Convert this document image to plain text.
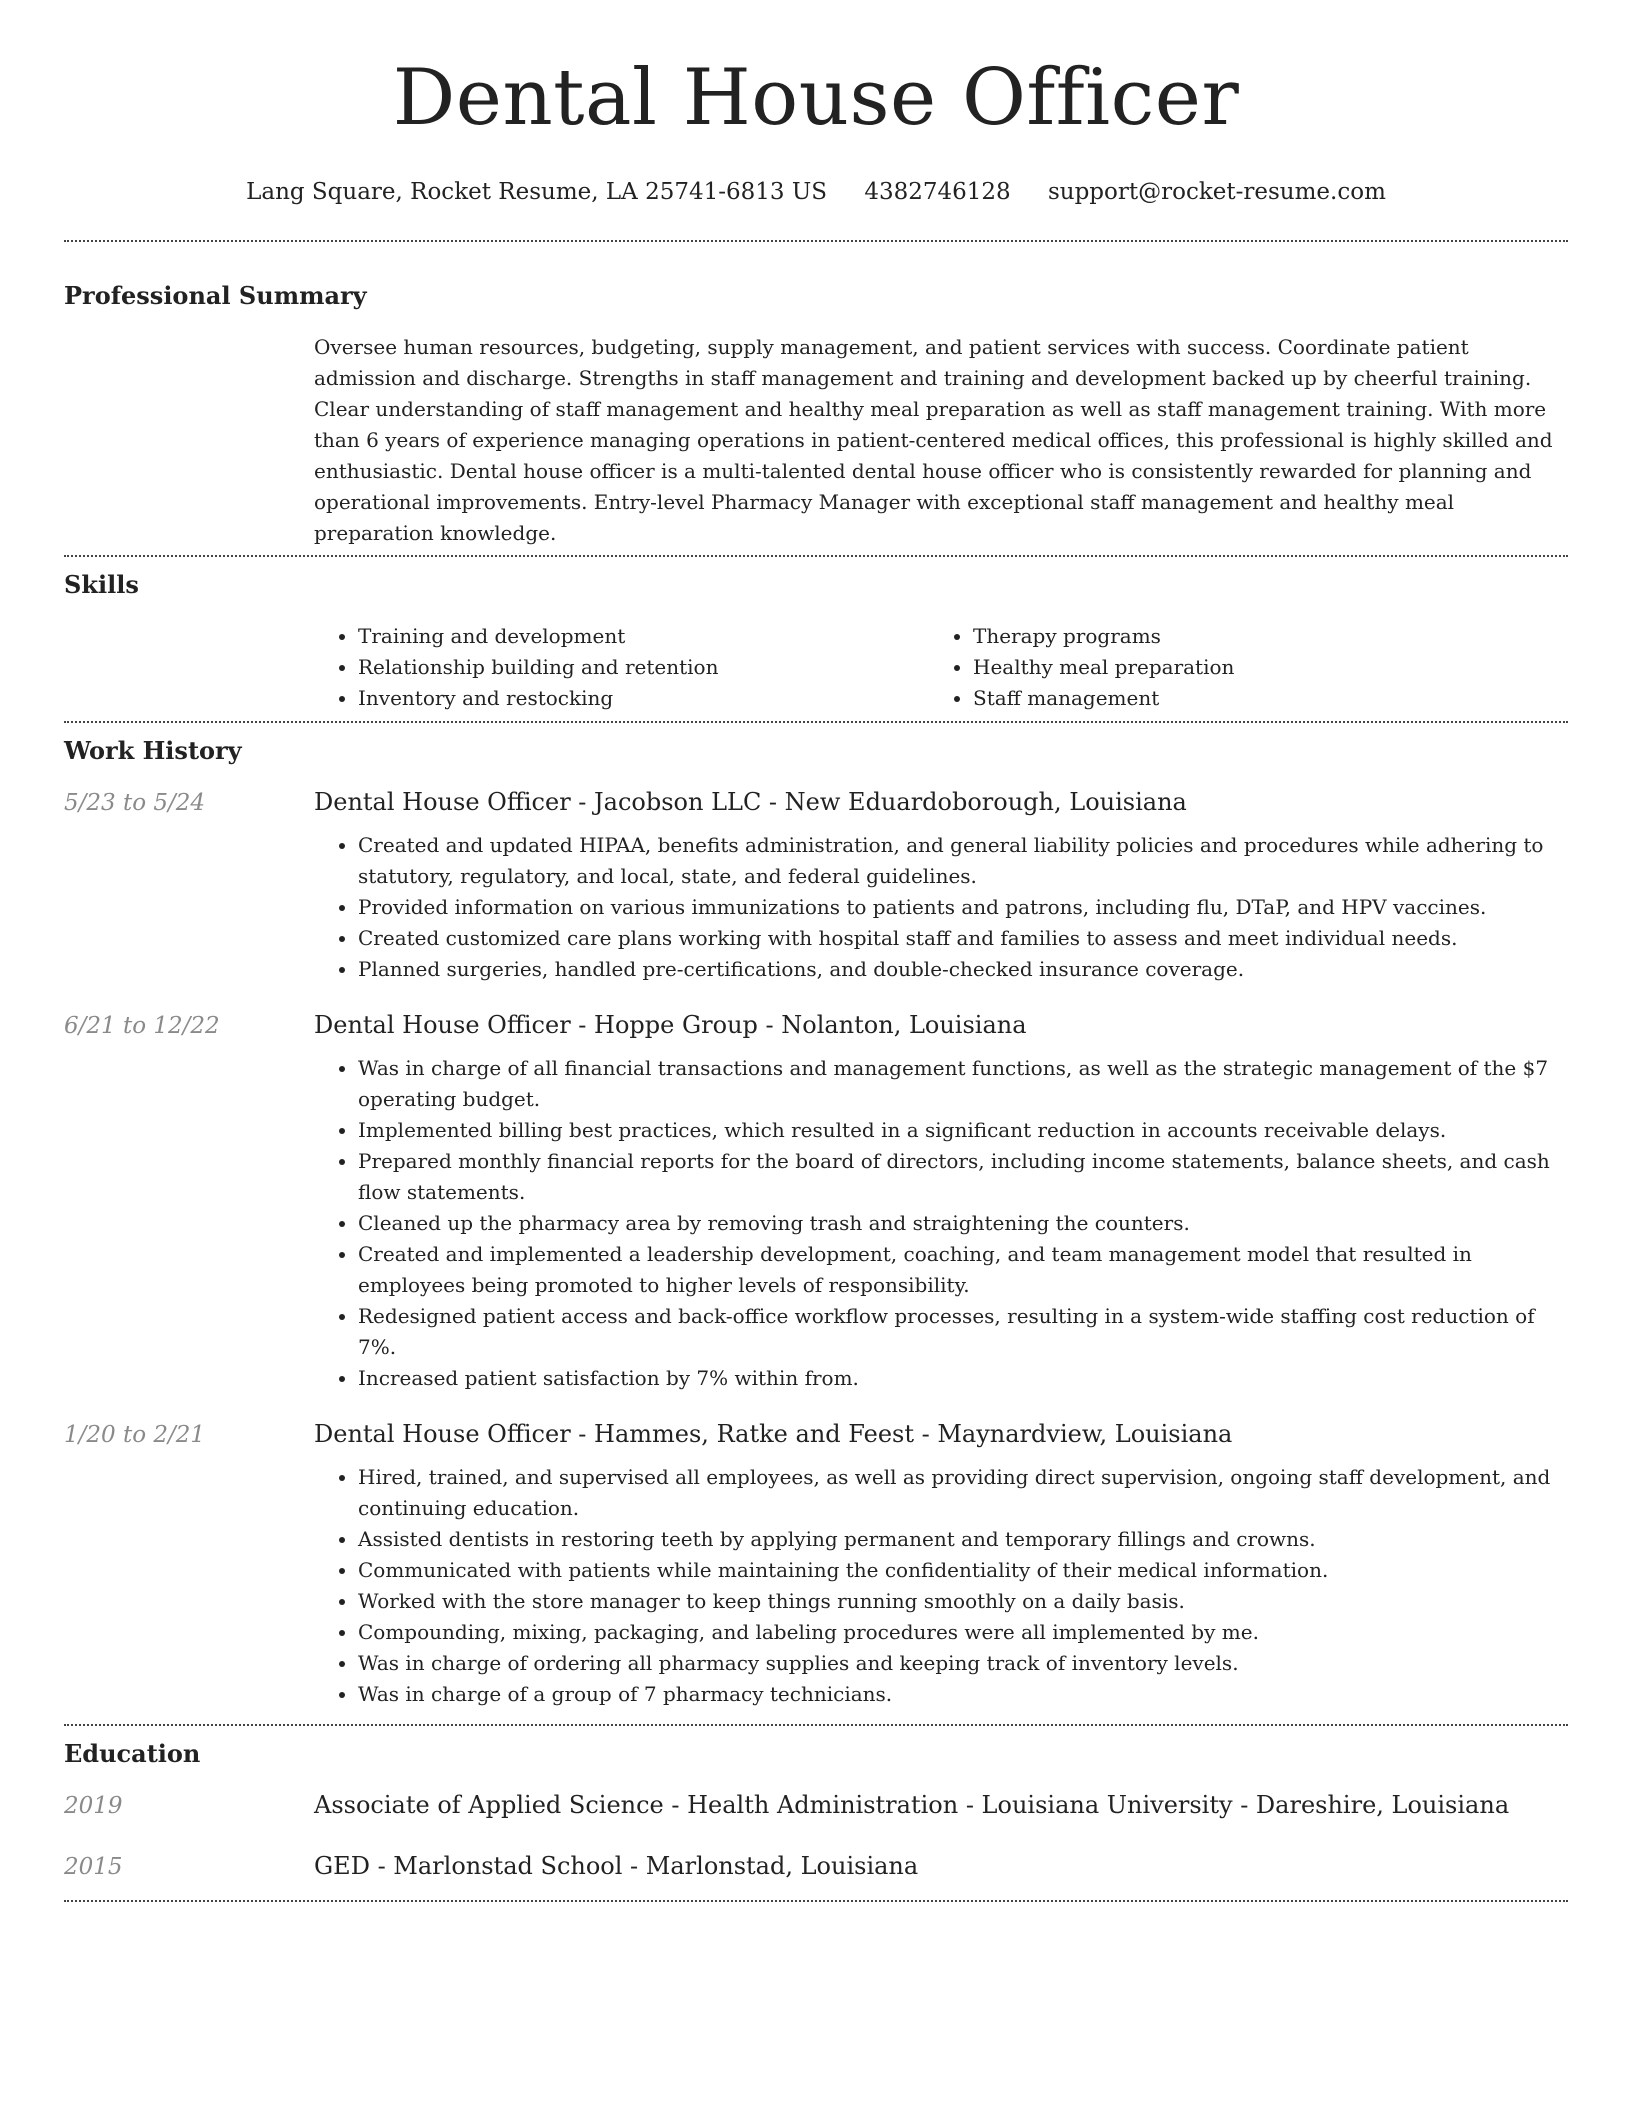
Dental House Officer
Lang Square, Rocket Resume, LA 25741-6813 US 4382746128 support@rocket-resume.com
Professional Summary

Oversee human resources, budgeting, supply management, and patient services with success. Coordinate patient admission and discharge. Strengths in staff management and training and development backed up by cheerful training. Clear understanding of staff management and healthy meal preparation as well as staff management training. With more than 6 years of experience managing operations in patient-centered medical offices, this professional is highly skilled and enthusiastic. Dental house officer is a multi-talented dental house officer who is consistently rewarded for planning and operational improvements. Entry-level Pharmacy Manager with exceptional staff management and healthy meal preparation knowledge.

Skills
• Training and development
• Relationship building and retention
• Inventory and restocking
• Therapy programs
• Healthy meal preparation
• Staff management
Work History
5/23 to 5/24	Dental House Officer - Jacobson LLC - New Eduardoborough, Louisiana
• Created and updated HIPAA, benefits administration, and general liability policies and procedures while adhering to statutory, regulatory, and local, state, and federal guidelines.
• Provided information on various immunizations to patients and patrons, including flu, DTaP, and HPV vaccines.
• Created customized care plans working with hospital staff and families to assess and meet individual needs.
• Planned surgeries, handled pre-certifications, and double-checked insurance coverage.
6/21 to 12/22	Dental House Officer - Hoppe Group - Nolanton, Louisiana
• Was in charge of all financial transactions and management functions, as well as the strategic management of the $7 operating budget.
• Implemented billing best practices, which resulted in a significant reduction in accounts receivable delays.
• Prepared monthly financial reports for the board of directors, including income statements, balance sheets, and cash flow statements.
• Cleaned up the pharmacy area by removing trash and straightening the counters.
• Created and implemented a leadership development, coaching, and team management model that resulted in employees being promoted to higher levels of responsibility.
• Redesigned patient access and back-office workflow processes, resulting in a system-wide staffing cost reduction of 7%.
• Increased patient satisfaction by 7% within from.
1/20 to 2/21	Dental House Officer - Hammes, Ratke and Feest - Maynardview, Louisiana
• Hired, trained, and supervised all employees, as well as providing direct supervision, ongoing staff development, and continuing education.
• Assisted dentists in restoring teeth by applying permanent and temporary fillings and crowns.
• Communicated with patients while maintaining the confidentiality of their medical information.
• Worked with the store manager to keep things running smoothly on a daily basis.
• Compounding, mixing, packaging, and labeling procedures were all implemented by me.
• Was in charge of ordering all pharmacy supplies and keeping track of inventory levels.
• Was in charge of a group of 7 pharmacy technicians.
Education
2019	Associate of Applied Science - Health Administration - Louisiana University - Dareshire, Louisiana
2015	GED - Marlonstad School - Marlonstad, Louisiana
